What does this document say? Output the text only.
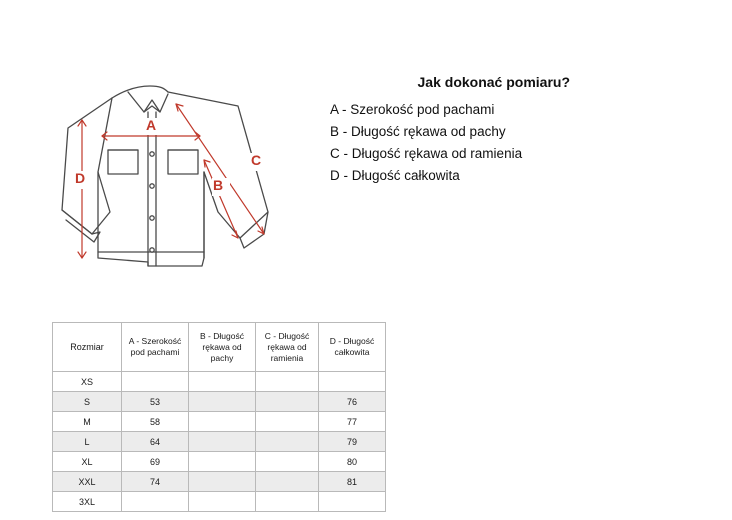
A
B
C
D
Jak dokonać pomiaru?
A - Szerokość pod pachami
B - Długość rękawa od pachy
C - Długość rękawa od ramienia
D - Długość całkowita
Rozmiar	A - Szerokość pod pachami	B - Długość rękawa od pachy	C - Długość rękawa od ramienia	D - Długość całkowita
XS				
S	53			76
M	58			77
L	64			79
XL	69			80
XXL	74			81
3XL				
